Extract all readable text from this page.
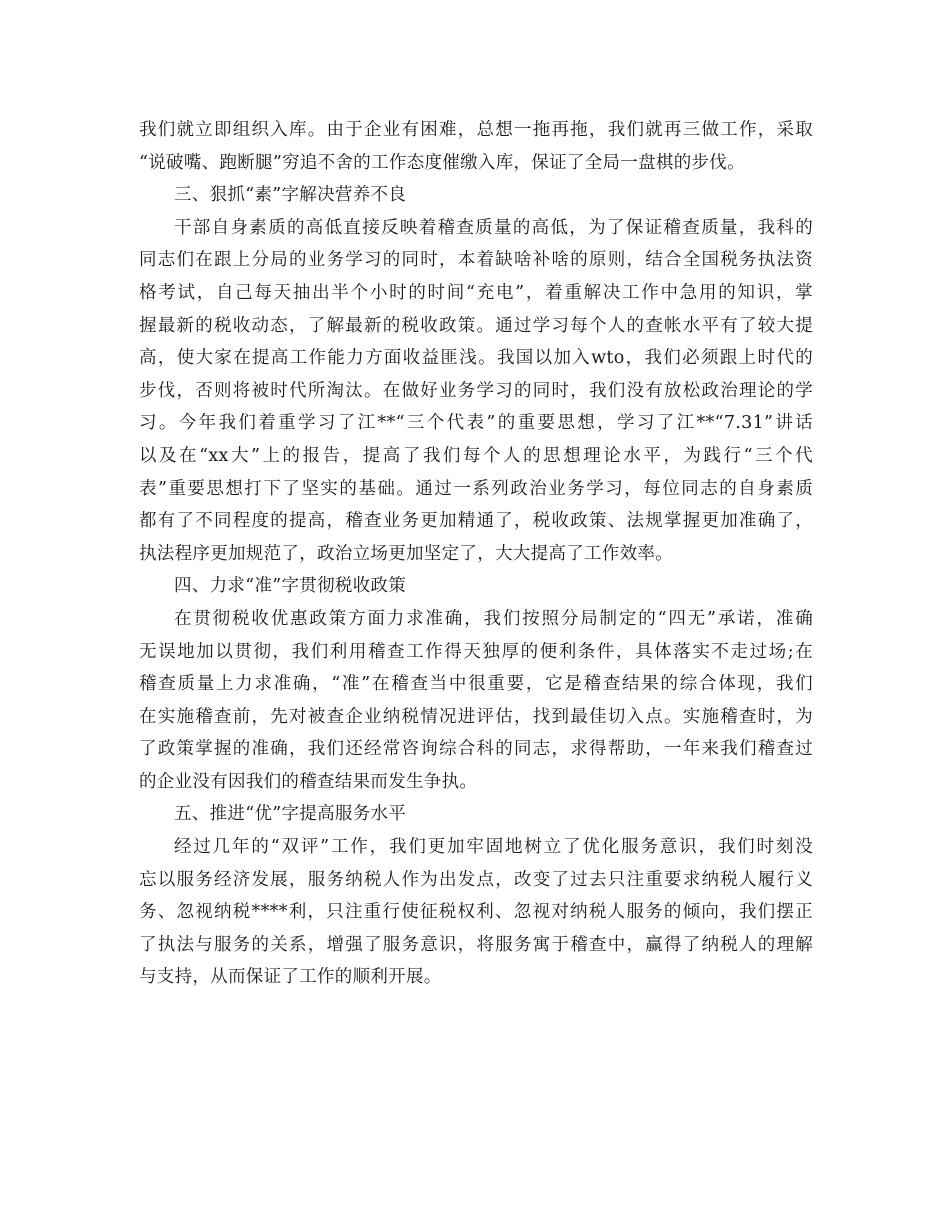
我们就立即组织入库。由于企业有困难，总想一拖再拖，我们就再三做工作，采取
“说破嘴、跑断腿”穷追不舍的工作态度催缴入库，保证了全局一盘棋的步伐。
三、狠抓“素”字解决营养不良
干部自身素质的高低直接反映着稽查质量的高低，为了保证稽查质量，我科的
同志们在跟上分局的业务学习的同时，本着缺啥补啥的原则，结合全国税务执法资
格考试，自己每天抽出半个小时的时间“充电”，着重解决工作中急用的知识，掌
握最新的税收动态，了解最新的税收政策。通过学习每个人的查帐水平有了较大提
高，使大家在提高工作能力方面收益匪浅。我国以加入wto，我们必须跟上时代的
步伐，否则将被时代所淘汰。在做好业务学习的同时，我们没有放松政治理论的学
习。今年我们着重学习了江**“三个代表”的重要思想，学习了江**“7.31”讲话
以及在“xx大”上的报告，提高了我们每个人的思想理论水平，为践行“三个代
表”重要思想打下了坚实的基础。通过一系列政治业务学习，每位同志的自身素质
都有了不同程度的提高，稽查业务更加精通了，税收政策、法规掌握更加准确了，
执法程序更加规范了，政治立场更加坚定了，大大提高了工作效率。
四、力求“准”字贯彻税收政策
在贯彻税收优惠政策方面力求准确，我们按照分局制定的“四无”承诺，准确
无误地加以贯彻，我们利用稽查工作得天独厚的便利条件，具体落实不走过场;在
稽查质量上力求准确，“准”在稽查当中很重要，它是稽查结果的综合体现，我们
在实施稽查前，先对被查企业纳税情况进评估，找到最佳切入点。实施稽查时，为
了政策掌握的准确，我们还经常咨询综合科的同志，求得帮助，一年来我们稽查过
的企业没有因我们的稽查结果而发生争执。
五、推进“优”字提高服务水平
经过几年的“双评”工作，我们更加牢固地树立了优化服务意识，我们时刻没
忘以服务经济发展，服务纳税人作为出发点，改变了过去只注重要求纳税人履行义
务、忽视纳税****利，只注重行使征税权利、忽视对纳税人服务的倾向，我们摆正
了执法与服务的关系，增强了服务意识，将服务寓于稽查中，赢得了纳税人的理解
与支持，从而保证了工作的顺利开展。
